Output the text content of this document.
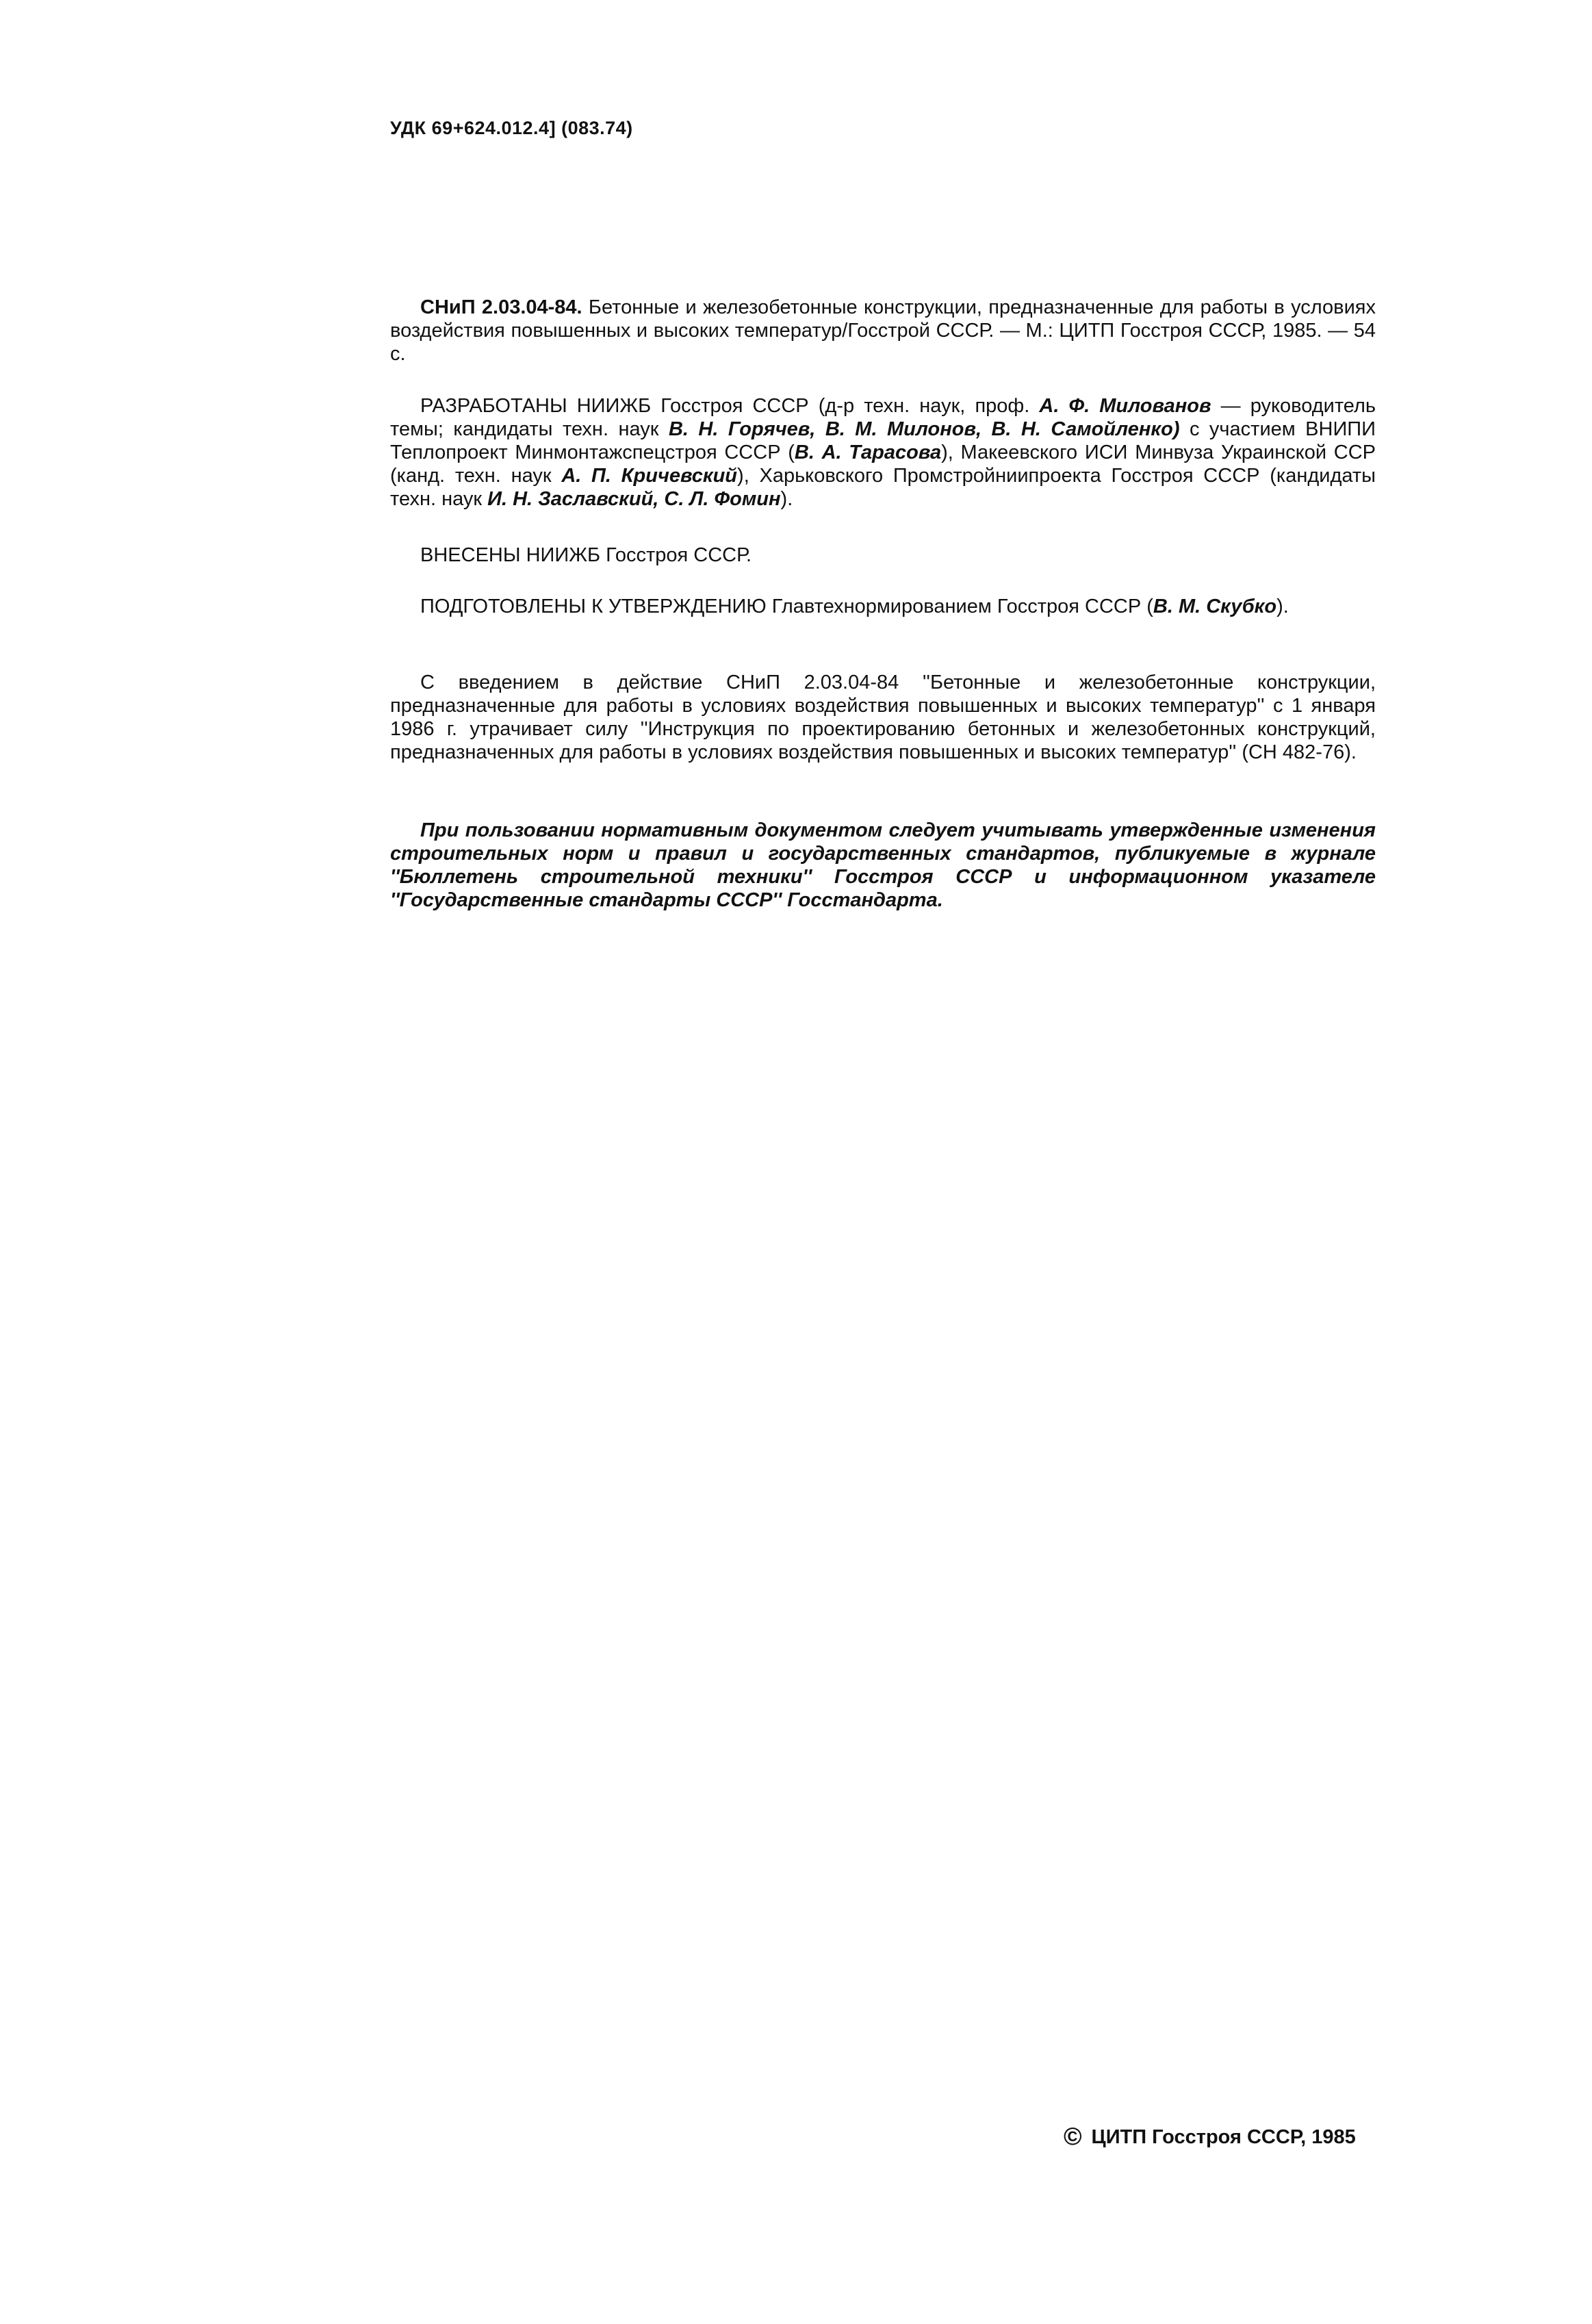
УДК 69+624.012.4] (083.74)

СНиП 2.03.04-84. Бетонные и железобетонные конструкции, предназначенные для работы в условиях воздействия повышенных и высоких температур/Госстрой СССР. — М.: ЦИТП Госстроя СССР, 1985. — 54 с.

РАЗРАБОТАНЫ НИИЖБ Госстроя СССР (д-р техн. наук, проф. А. Ф. Милованов — руководитель темы; кандидаты техн. наук В. Н. Горячев, В. М. Милонов, В. Н. Самойленко) с участием ВНИПИ Теплопроект Минмонтажспецстроя СССР (В. А. Тарасова), Макеевского ИСИ Минвуза Украинской ССР (канд. техн. наук А. П. Кричевский), Харьковского Промстройниипроекта Госстроя СССР (кандидаты техн. наук И. Н. Заславский, С. Л. Фомин).

ВНЕСЕНЫ НИИЖБ Госстроя СССР.

ПОДГОТОВЛЕНЫ К УТВЕРЖДЕНИЮ Главтехнормированием Госстроя СССР (В. М. Скубко).

С введением в действие СНиП 2.03.04-84 ''Бетонные и железобетонные конструкции, предназначенные для работы в условиях воздействия повышенных и высоких температур'' с 1 января 1986 г. утрачивает силу ''Инструкция по проектированию бетонных и железобетонных конструкций, предназначенных для работы в условиях воздействия повышенных и высоких температур'' (СН 482-76).

При пользовании нормативным документом следует учитывать утвержденные изменения строительных норм и правил и государственных стандартов, публикуемые в журнале ''Бюллетень строительной техники'' Госстроя СССР и информационном указателе ''Государственные стандарты СССР'' Госстандарта.

© ЦИТП Госстроя СССР, 1985
